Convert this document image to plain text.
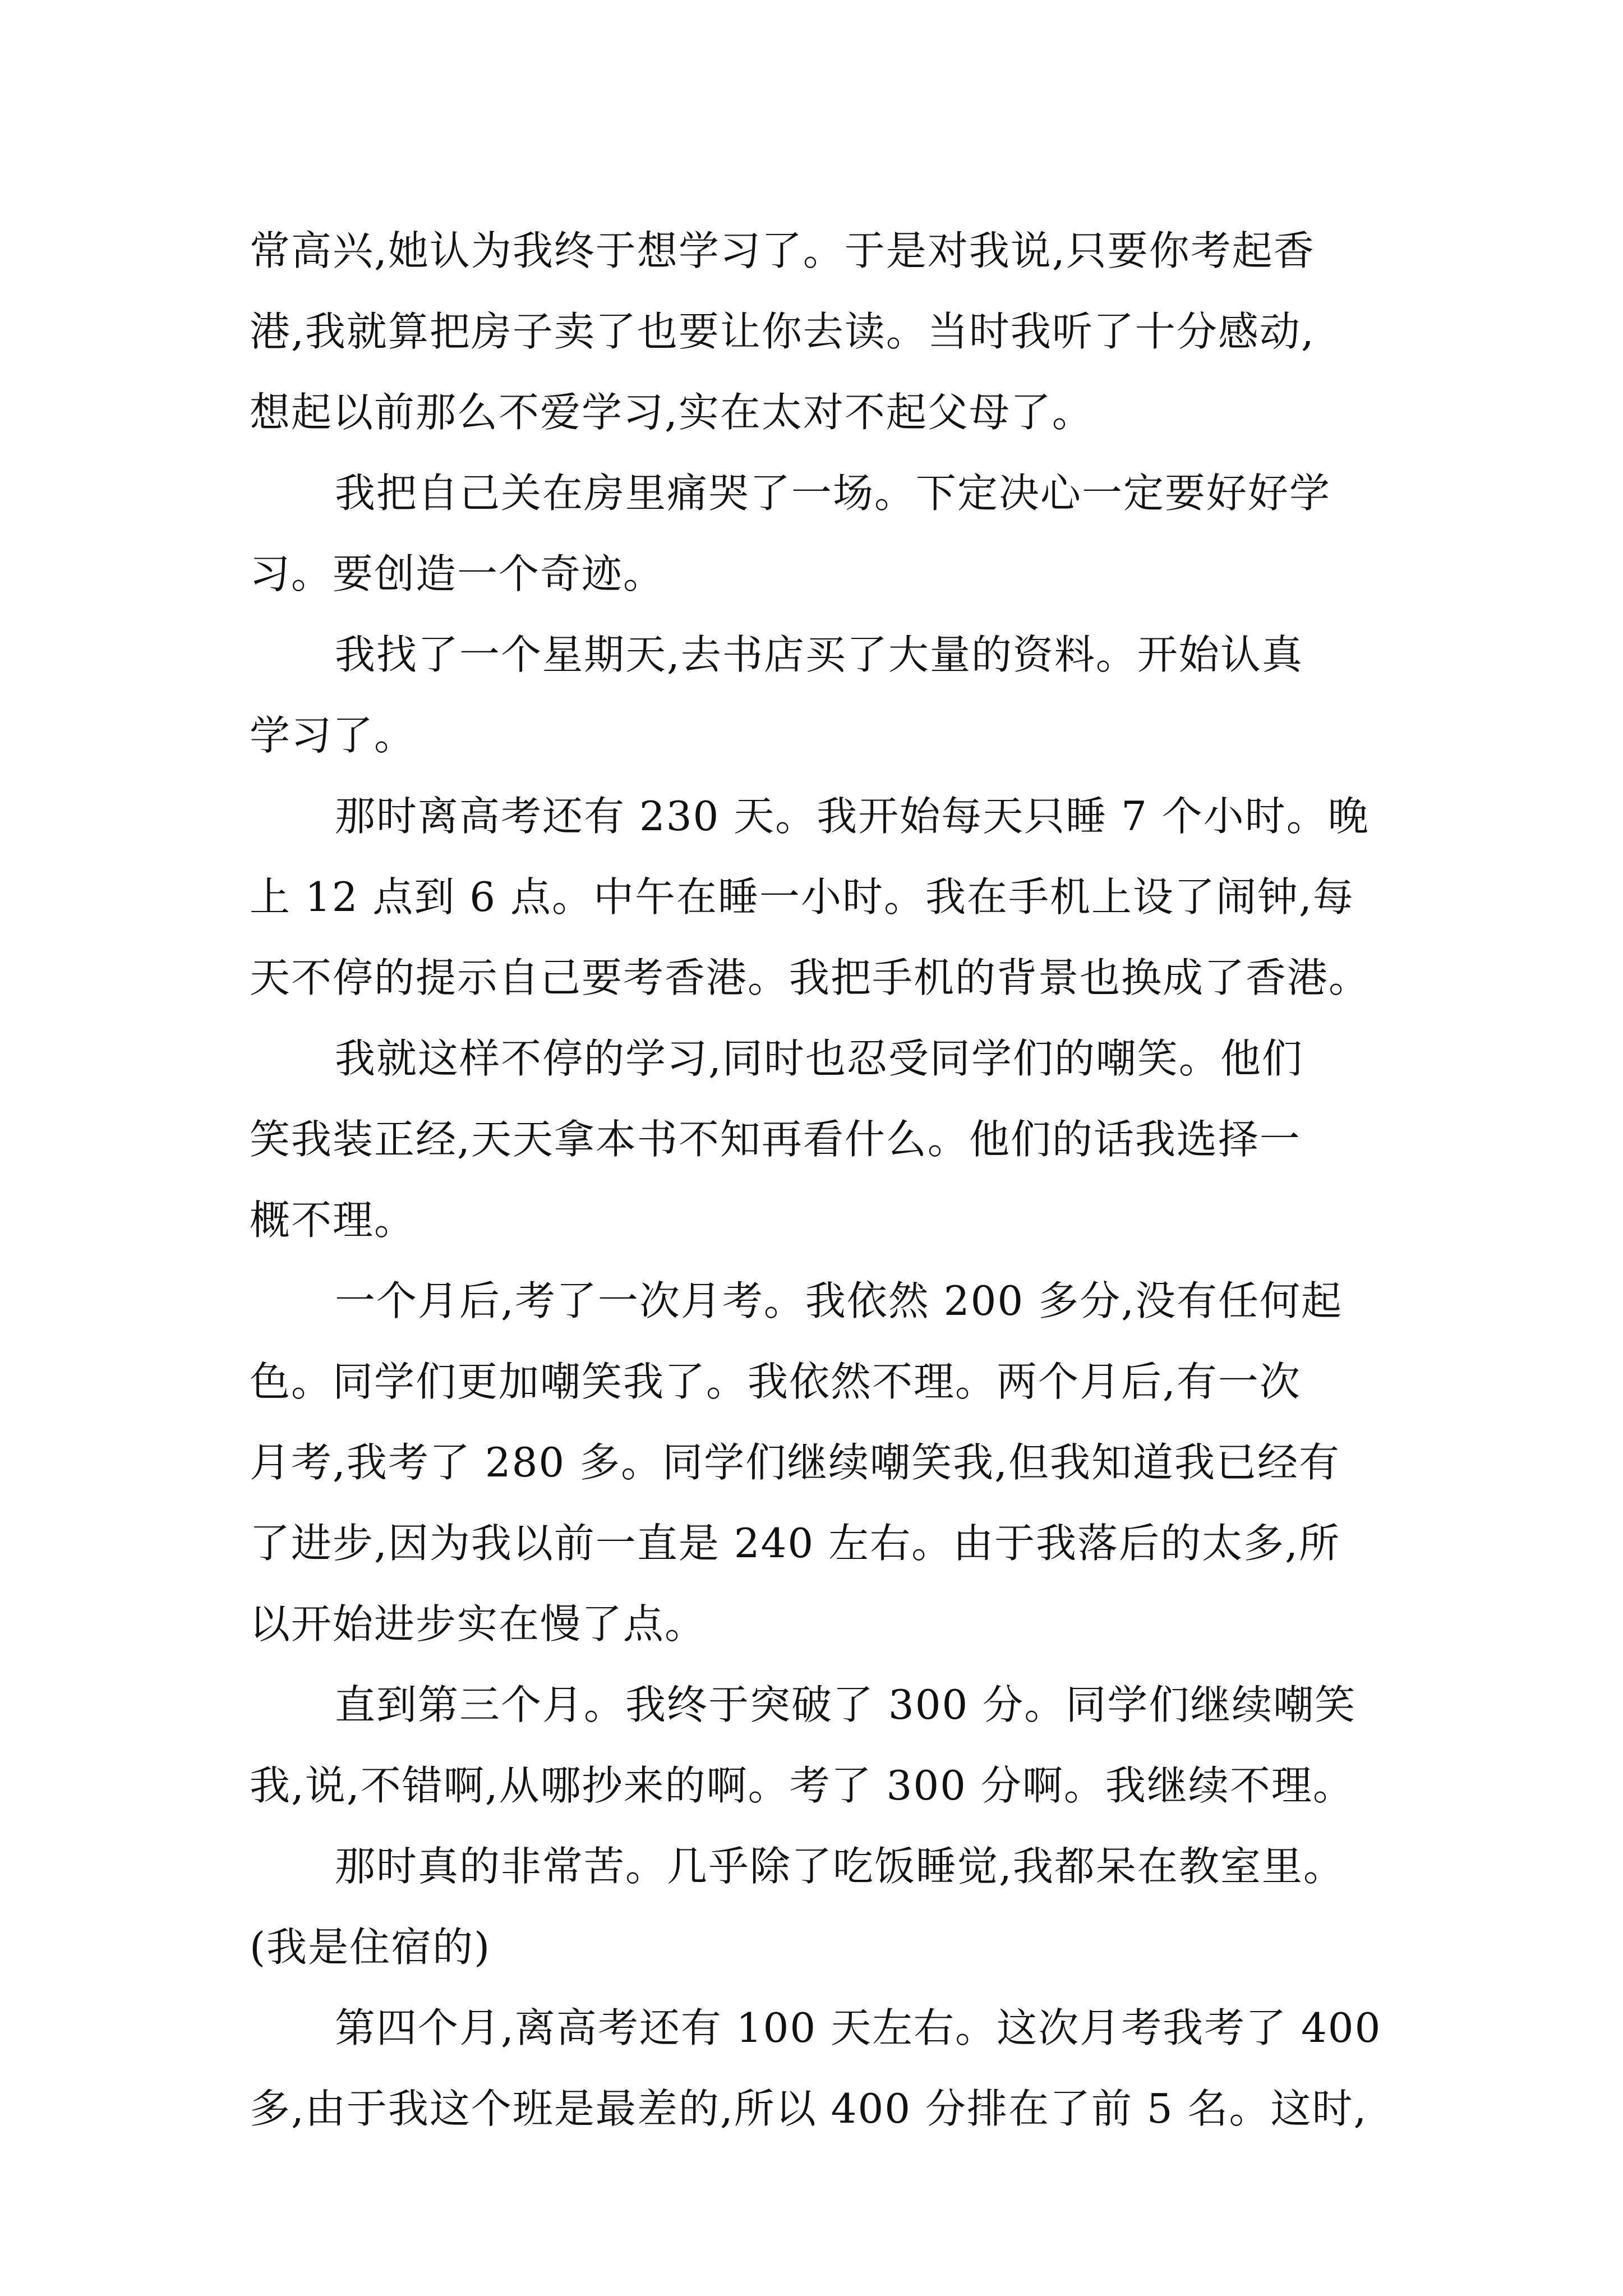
常高兴,她认为我终于想学习了。于是对我说,只要你考起香
港,我就算把房子卖了也要让你去读。当时我听了十分感动,
想起以前那么不爱学习,实在太对不起父母了。
我把自己关在房里痛哭了一场。下定决心一定要好好学
习。要创造一个奇迹。
我找了一个星期天,去书店买了大量的资料。开始认真
学习了。
那时离高考还有 230 天。我开始每天只睡 7 个小时。晚
上 12 点到 6 点。中午在睡一小时。我在手机上设了闹钟,每
天不停的提示自己要考香港。我把手机的背景也换成了香港。
我就这样不停的学习,同时也忍受同学们的嘲笑。他们
笑我装正经,天天拿本书不知再看什么。他们的话我选择一
概不理。
一个月后,考了一次月考。我依然 200 多分,没有任何起
色。同学们更加嘲笑我了。我依然不理。两个月后,有一次
月考,我考了 280 多。同学们继续嘲笑我,但我知道我已经有
了进步,因为我以前一直是 240 左右。由于我落后的太多,所
以开始进步实在慢了点。
直到第三个月。我终于突破了 300 分。同学们继续嘲笑
我,说,不错啊,从哪抄来的啊。考了 300 分啊。我继续不理。
那时真的非常苦。几乎除了吃饭睡觉,我都呆在教室里。
(我是住宿的)
第四个月,离高考还有 100 天左右。这次月考我考了 400
多,由于我这个班是最差的,所以 400 分排在了前 5 名。这时,
